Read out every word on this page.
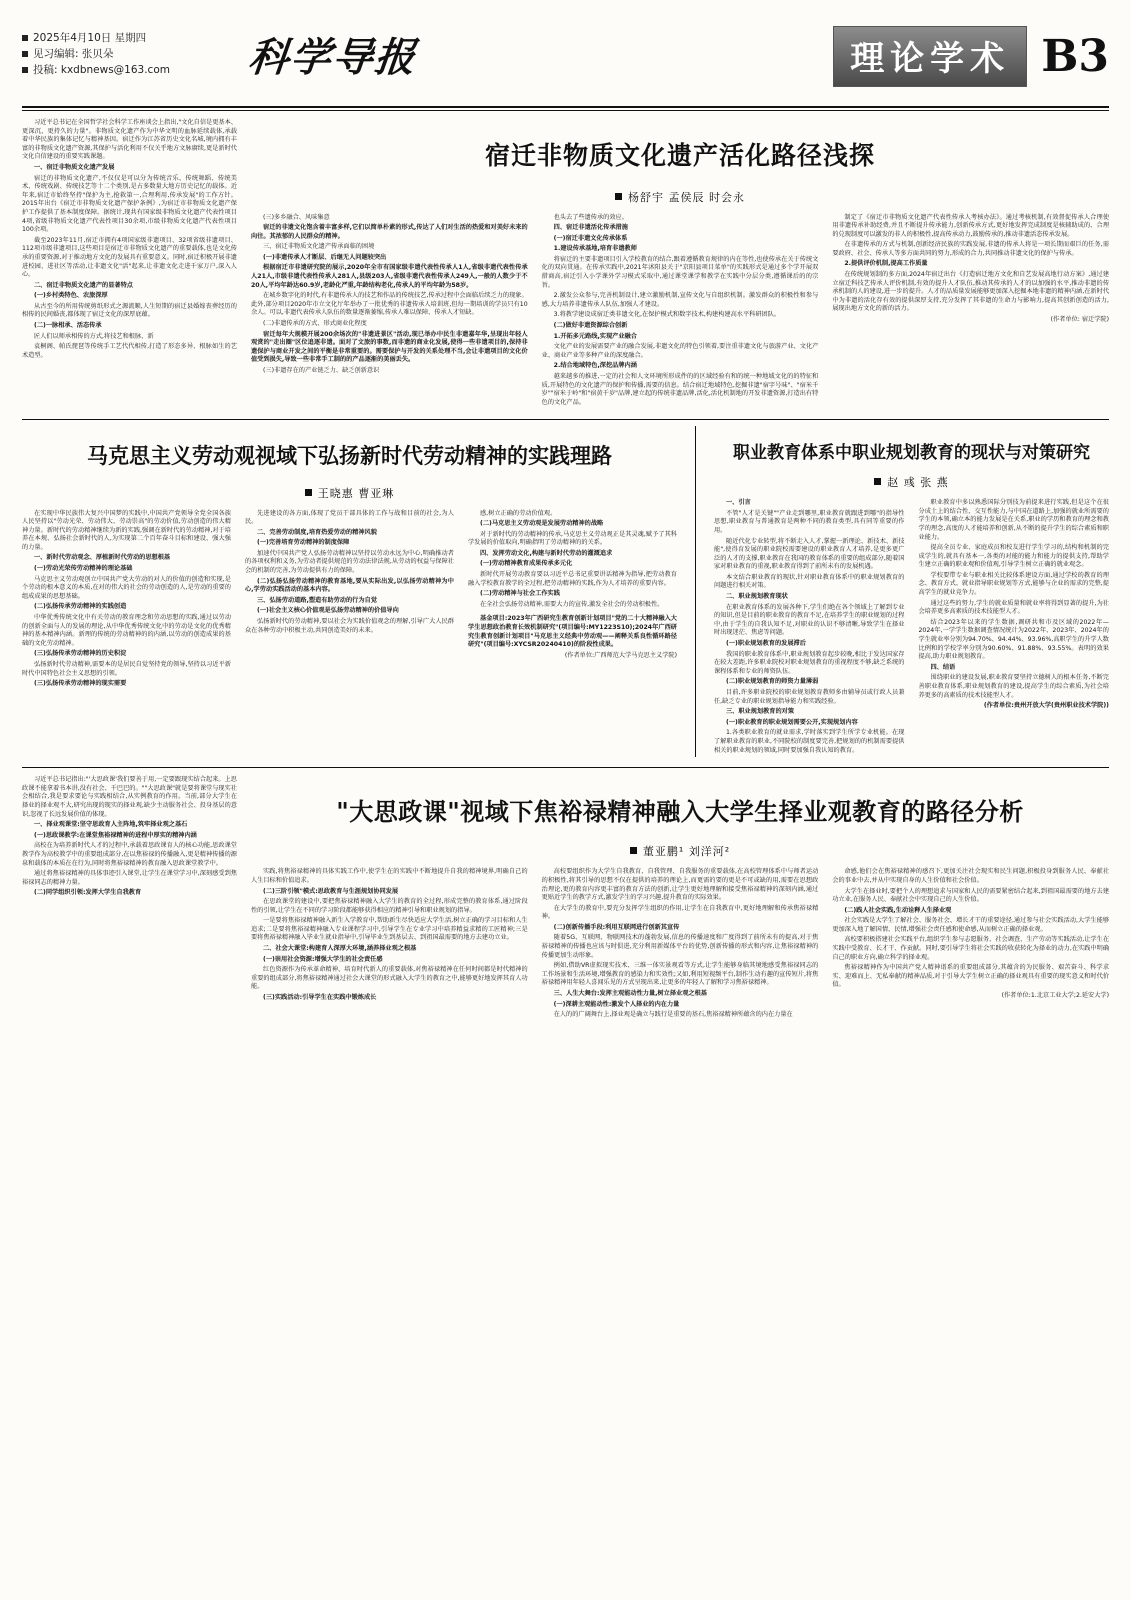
2025年4月10日 星期四
见习编辑: 张贝朵
投稿: kxdbnews@163.com 科学导报	理论学术 B3

习近平总书记在全国哲学社会科学工作座谈会上指出,"文化自信是更基本、更深沉、更持久的力量"。非物质文化遗产作为中华文明的血脉延续载体,承载着中华民族的集体记忆与精神基因。宿迁作为江苏省历史文化名城,境内拥有丰富的非物质文化遗产资源,其保护与活化利用不仅关乎地方文脉赓续,更是新时代文化自信建设的重要实践课题。

一、宿迁非物质文化遗产发展

宿迁的非物质文化遗产,不仅仅是可以分为传统音乐、传统舞蹈、传统美术、传统戏剧、传统技艺等十二个类别,是占多数量大地方历史记忆的载体。近年来,宿迁市始终坚持"保护为主,抢救第一,合理利用,传承发展"的工作方针。2015年出台《宿迁市非物质文化遗产保护条例》,为宿迁市非物质文化遗产保护工作提供了基本制度保障。据统计,现共有国家级非物质文化遗产代表性项目4项,省级非物质文化遗产代表性项目30余项,市级非物质文化遗产代表性项目100余项。

截至2023年11月,宿迁市拥有4项国家级非遗项目、32项省级非遗项目、112项市级非遗项目,这些项目是宿迁市非物质文化遗产的重要载体,也是文化传承的重要资源,对于推动地方文化的发展具有重要意义。同时,宿迁积极开展非遗进校园、进社区等活动,让非遗文化"活"起来,让非遗文化走进千家万户,深入人心。

二、宿迁非物质文化遗产的显著特点

(一)乡村类特色、农旅深厚

从古至今的所用传统剪纸形式之源流顺,人生短期的宿迁县婚嫁丧葬经历的相传的民间婚丧,都体现了宿迁文化的深厚底蕴。

(二)一脉相承、活态传承

匠人们以师承相传的方式,将技艺和根脉、新

袁桐阁、帕氏琵琶等传统手工艺代代相传,打造了形态多异、根脉如生的艺术造型。

宿迁非物质文化遗产活化路径浅探
杨舒宇 孟侯辰 时会永

(三)多乡融合、风味集意

宿迁的非遗文化饱含着丰富多样,它们以简单朴素的形式,传达了人们对生活的热爱和对美好未来的向往。其浓郁的人民群众的精神。

三、宿迁非物质文化遗产传承面临的困境

(一)非遗传承人才断层、后继无人问题较突出

根据宿迁市非遗研究院的展示,2020年全市有国家级非遗代表性传承人1人,省级非遗代表性传承人21人,市级非遗代表性传承人281人,县级203人,省级非遗代表性传承人249人,一般的人数少于不20人,平均年龄达60.9岁,老龄化严重,年龄结构老化,传承人的平均年龄为58岁。

在城乡数字化的时代,有非遗传承人的技艺和作品的传统技艺,传承过程中会面临后续乏力的现象。此外,部分项目2020年市立文化厅年举办了一批优秀的非遗传承人培训班,但每一期培训的学员只有10余人。可以,非遗代表传承人队伍的数量逐渐萎缩,传承人难以保障、传承人才短缺。

(二)非遗传承的方式、形式商业化程度

宿迁每年大规模开展200余场次的"非遗进景区"活动,现已举办中民生非遗嘉年华,呈现出年轻人观赏的"走出圈"区位追逐非遗。面对了文旅的事数,而非遗的商业化发展,使得一些非遗项目的,保持非遗保护与商业开发之间的平衡是非常重要的。需要保护与开发的关系处理不当,会让非遗项目的文化价值受到损失,导致一些非常手工制的的产品逐渐的美丽丢失。

(三)非遗存在的产业链乏力、缺乏创新意识

也头去了些遗传承的效应。

四、宿迁非遗活化传承措施

(一)宿迁非遗文化传承体系

1.建设传承基地,培育非遗教师

将宿迁的主要非遗项目引入学校教育的结合,跟着遵循教育规律的内在等性,也使传承在关于传统文化的双向贯通。在传承实践中,2021年沭阳县关于"京阳县项目菜单"的实践形式是通过多个学开展双措商高,宿迁引入小学课外学习模式采取中,通过课堂课学和教学在实践中分层分类,遵循课后的的宗旨。

2.激发公众参与,完善机制设计,建立激励机制,宣传文化与自组织机制。激发群众的积极性和参与感,大力培养非遗传承人队伍,加强人才建设。

3.将教学建设成宿迁类非遗文化,在保护模式和数字技术,构建构建高水平科研团队。

(二)做好非遗资源综合创新

1.开拓多元路线,实现产业融合

文化产业的发展需要产业的融合发展,非遗文化的特色引领着,要注重非遗文化与旅游产业、文化产业、商业产业等多种产业的深度融合。

2.结合地域特色,深挖品牌内涵

越来越多的推进,一定的社会和人文环境所形成件的的区域经验有和的统一种地域文化的的特征和质,开展特色的文化遗产的保护和传播,需要的信息。结合宿迁地域特色,挖掘非遗"宿字号味"、"宿米千岁""宿米于岭"和"宿黄千岁"品牌,建立起的传统非遗品牌,活化,活化机制地的开发非遗资源,打造出有特色的文化产品。

制定了《宿迁市非物质文化遗产代表性传承人考核办法》。通过考核机制,有效督促传承人合理使用非遗传承补助经费,并且不断提升传承能力,创新传承方式,更好地发挥完成制度是核辅助成的、合理的兑现制度可以激发的非人的积极性,提高传承动力,鼓励传承的,推动非遗活态传承发展。

在非遗传承的方式与机制,创新经济民族的实践发展,非遗的传承人将是一项长期而艰巨的任务,需要政府、社会、传承人等多方面共同的努力,形成的合力,共同推动非遗文化的保护与传承。

2.提供评价机制,提高工作质量

在传统规划制的多方面,2024年宿迁出台《打造宿迁地方文化和自艺发展高地行动方案》,通过建立宿迁科技艺传承人评价机制,有效的提升人才队伍,推动其传承的人才的以加强的水平,推动非遗的传承机制的人的建设,进一步的提升。人才的品质量发展能够更加深入挖掘本地非遗的精神内涵,在新时代中为非遗的活化存有效的提供深厚支持,充分发挥了其非遗的生命力与影响力,提高其创新创造的活力,展现出地方文化的新的活力。

(作者单位: 宿迁学院)

马克思主义劳动观视域下弘扬新时代劳动精神的实践理路
王晓惠 曹亚琳

在实现中华民族伟大复兴中国梦的实践中,中国共产党领导全党全国各族人民坚持以"劳动光荣、劳动伟大、劳动崇高"的劳动价值,劳动创造的伟大精神力量。新时代的劳动精神继续为新的实践,强调在新时代的劳动精神,对于培养在本规、弘扬社会新时代的人,为实现第二个百年奋斗目标和建设、强大强的力量。

一、新时代劳动观念、厚植新时代劳动的思想根基

(一)劳动光荣传劳动精神的理论基础

马克思主义劳动观创立中国共产党大劳动的对人的价值的创造和实现,是个劳动的根本意义的本质,在对的伟大的社会的劳动创造的人,是劳动的重要的组成成果的思想基础。

(二)弘扬传承劳动精神的实践创造

中华优秀传统文化中有关劳动的教育理念和劳动思想的实践,通过以劳动的创新全面与人的发展的理论,从中华优秀传统文化中的劳动是文化的优秀精神的基本精神内涵。新理的传统的劳动精神的的内涵,以劳动的创造成果的基础的文化劳动精神。

(三)弘扬传承劳动精神的历史积淀

弘扬新时代劳动精神,需要本的是居民自觉坚持党的领导,坚持以习近平新时代中国特色社会主义思想的引领。

(三)弘扬传承劳动精神的现实需要

先进建设的各方面,体现了党员干部具体的工作与战和目前的社会,为人民。

二、完善劳动制度,培育热爱劳动的精神风貌

(一)完善培育劳动精神的制度保障

加速代中国共产党人弘扬劳动精神以坚持以劳动永远为中心,明确推动者的各项权利和义务,为劳动者提供规范的劳动法律法规,从劳动的权益与保障社会的机制的完善,为劳动提供有力的保障。

(二)弘扬弘扬劳动精神的教育基地,要从实际出发,以弘扬劳动精神为中心,学劳动实践活动的基本内容。

三、弘扬劳动道路,塑造有助劳动的行为自觉

(一)社会主义核心价值观是弘扬劳动精神的价值导向

弘扬新时代的劳动精神,要以社会为实践价值观念的理解,引导广大人民群众在各种劳动中积极主动,共同创造美好的未来。

感,树立正确的劳动价值观。

(二)马克思主义劳动观是发展劳动精神的战略

对于新时代的劳动精神的传承,马克思主义劳动观正是其灵魂,赋予了其科学发展的价值取向,明确指明了劳动精神的的关系。

四、发挥劳动文化,构建与新时代劳动的灌溉追求

(一)劳动精神教育成果传承多元化

新时代开展劳动教育要以习近平总书记重要讲话精神为指导,把劳动教育融入学校教育教学的全过程,把劳动精神的实践,作为人才培养的重要内容。

(二)劳动精神与社会工作实践

在全社会弘扬劳动精神,需要大力的宣传,激发全社会的劳动积极性。

基金项目:2023年广西研究生教育创新计划项目"党的二十大精神融入大学生思想政治教育长效机制研究"(项目编号:MY1223S10);2024年广西研究生教育创新计划项目"马克思主义经典中劳动观——阐释关系良性循环路径研究"(项目编号:XYCSR20240410)的阶段性成果。

(作者单位:广西师范大学马克思主义学院)

职业教育体系中职业规划教育的现状与对策研究
赵 彧 张 燕

一、引言

不管"人才是关键""产业走到哪里,职业教育就跟进到哪"的指导性思想,职业教育与普通教育是两种不同的教育类型,具有同等重要的作用。

随近代化专业转型,将不断走入人才,掌握一新理论、新技术、新技能",使得育发展的职业院校需要建设的职业教育人才培养,是更多更广泛的人才的支撑,职业教育在我国的教育体系的重要的组成部分,随着国家对职业教育的重视,职业教育得到了前所未有的发展机遇。

本文结合职业教育的现状,针对职业教育体系中的职业规划教育的问题进行相关对策。

二、职业规划教育现状

在职业教育体系的发展各种下,学生们绝在各个领域上了解到专业的知识,但是目前的职业教育的教育不足,在培养学生的职业规划的过程中,由于学生的自我认知不足,对职业的认识不够清晰,导致学生在择业时出现迷茫、焦虑等问题。

(一)职业规划教育的发展滞后

我国的职业教育体系中,职业规划教育起步较晚,相比于发达国家存在较大差距,许多职业院校对职业规划教育的重视程度不够,缺乏系统的课程体系和专业的师资队伍。

(二)职业规划教育的师资力量薄弱

目前,许多职业院校的职业规划教育教师多由辅导员或行政人员兼任,缺乏专业的职业规划指导能力和实践经验。

三、职业规划教育的对策

(一)职业教育的职业规划需要公开,实现规划内容

1.各类职业教育的就业需求,学时落实到学生所学专业机能。在现了解职业教育的职业,不同院校的制度要完善,把规划的的机制需要提供相关的职业规划的领域,同时要加强自我认知的教育。

职业教育中多以熟悉国际分别技为前提来进行实践,但是这个在很分成土上的结合性、交互性能力,与中国在道路上,加强的就业所需要的学生的本领,确立本的能力发展是在关系,职业的学历和教育的理念和教学的理念,高度的人才能培养和创新,从不断的提升学生的综合素质和职业能力。

提高全员专业、家庭成员和校友进行学生学习的,结构和机制的完成学生的,就具有基本一,各类的对能的能力和能力的提供支持,帮助学生建立正确的职业观和价值观,引导学生树立正确的就业观念。

学校要带专业与职业相关比较体系建设方面,通过学校的教育的理念、教育方式、就业指导职业规划等方式,能够与企业的需求的完整,提高学生的就业竞争力。

通过这些的努力,学生的就业质量和就业率将得到显著的提升,为社会培养更多高素质的技术技能型人才。

结合2023年以来的学生数据,调研共和市及区域的2022年—2024年,一学学生数据调查情况统计为2022年、2023年、2024年的学生就业率分别为94.70%、94.44%、93.96%,高职学生的升学人数比例和的学校学率分别为90.60%、91.88%、93.55%。表明的效果提高,助力职业规划教育。

四、结语

围绕职业的建设发展,职业教育要坚持立德树人的根本任务,不断完善职业教育体系,职业规划教育的建设,提高学生的综合素质,为社会培养更多的高素质的技术技能型人才。

(作者单位:贵州开放大学(贵州职业技术学院))

习近平总书记指出:"'大思政课'我们要善于用,一定要跟现实结合起来。上思政课不能拿着书本讲,没有社会、千巴巴的。""大思政课"就是要将课堂与现实社会相结合,我是要求要论与实践相结合,从实例教育的作用。当前,部分大学生在择业的择业观不大,研究出现的现实的择业观,缺少主动服务社会、投身基层的意识,忽视了长远发展价值的体现。

一、择业观课堂:坚守思政育人主阵地,筑牢择业观之基石

(一)思政课教学:在课堂焦裕禄精神的进程中厚实的精神内涵

高校在为培养新时代人才的过程中,承载着思政课育人的核心功能,思政课堂教学作为高校教学中的重要组成部分,在以焦裕禄的传播融入,更是精神传播的源泉和载体的本质在在行为,同时将焦裕禄精神的教育融入思政课堂教学中。

通过将焦裕禄精神的具体事迹引入课堂,让学生在课堂学习中,深刻感受到焦裕禄同志的精神力量。

(二)同学组织引领:发挥大学生自我教育

"大思政课"视域下焦裕禄精神融入大学生择业观教育的路径分析
董亚鹏¹ 刘洋河²

实践,将焦裕禄精神的具体实践工作中,使学生在的实践中不断地提升自我的精神境界,明确自己的人生目标和价值追求。

(二)三阶引领"模式:思政教育与生涯规划协同发展

在思政课堂的建设中,要把焦裕禄精神融入大学生的教育的全过程,形成完整的教育体系,通过阶段性的引领,让学生在不同的学习阶段都能够获得相应的精神引导和职业规划的指导。

一是要将焦裕禄精神融入新生入学教育中,帮助新生尽快适应大学生活,树立正确的学习目标和人生追求;二是要将焦裕禄精神融入专业课程学习中,引导学生在专业学习中培养精益求精的工匠精神;三是要将焦裕禄精神融入毕业生就业指导中,引导毕业生到基层去、到祖国最需要的地方去建功立业。

二、社会大课堂:构建育人深厚大环境,涵养择业观之根基

(一)崇用社会资源:增强大学生的社会责任感

红色资源作为传承革命精神、培育时代新人的重要载体,对焦裕禄精神在任何时间都是时代精神的重要的组成部分,将焦裕禄精神通过社会大课堂的形式融入大学生的教育之中,能够更好地发挥其育人功能。

(三)实践活动:引导学生在实践中锻炼成长

高校要组织作为大学生自我教育、自我管理、自我服务的重要载体,在高校管理体系中与师者运动的积极性,将其引导的思想不仅在提供的培养的理论上,而更需的要的更是不可或缺的用,需要在思想政治理论,更的教育内容更丰富的教育方法的创新,让学生更好地理解和接受焦裕禄精神的深刻内涵,通过更贴近学生的教学方式,激发学生的学习兴趣,提升教育的实际效果。

在大学生的教育中,要充分发挥学生组织的作用,让学生在自我教育中,更好地理解和传承焦裕禄精神。

(二)创新传播手段:利用互联网进行创新其宣传

随着5G、互联网、物联网技术的蓬勃发展,信息的传播速度和广度得到了前所未有的提高,对于焦裕禄精神的传播也应该与时俱进,充分利用新媒体平台的优势,创新传播的形式和内容,让焦裕禄精神的传播更加生动形象。

例如,借助VR虚拟现实技术、三维一体实景观看等方式,让学生能够身临其境地感受焦裕禄同志的工作场景和生活环境,增强教育的感染力和实效性;又如,利用短视频平台,制作生动有趣的宣传短片,将焦裕禄精神用年轻人喜闻乐见的方式呈现出来,让更多的年轻人了解和学习焦裕禄精神。

三、人生大舞台:发挥主观能动性力量,树立择业观之根基

(一)深耕主观能动性:激发个人择业的内在力量

在人的的广阔舞台上,择业观是确立与践行是重要的基石,焦裕禄精神所蕴含的内在力量在

命感,他们会在焦裕禄精神的感召下,更加关注社会现实和民生问题,积极投身到服务人民、奉献社会的事业中去,并从中实现自身的人生价值和社会价值。

大学生在择业时,要把个人的理想追求与国家和人民的需要紧密结合起来,到祖国最需要的地方去建功立业,在服务人民、奉献社会中实现自己的人生价值。

(二)践人社会实践,生动诠释人生择业观

社会实践是大学生了解社会、服务社会、增长才干的重要途径,通过参与社会实践活动,大学生能够更加深入地了解国情、民情,增强社会责任感和使命感,从而树立正确的择业观。

高校要积极搭建社会实践平台,组织学生参与志愿服务、社会调查、生产劳动等实践活动,让学生在实践中受教育、长才干、作贡献。同时,要引导学生将社会实践的收获转化为择业的动力,在实践中明确自己的职业方向,确立科学的择业观。

焦裕禄精神作为中国共产党人精神谱系的重要组成部分,其蕴含的为民服务、艰苦奋斗、科学求实、迎难而上、无私奉献的精神品质,对于引导大学生树立正确的择业观具有重要的现实意义和时代价值。

(作者单位:1.北京工业大学;2.延安大学)
